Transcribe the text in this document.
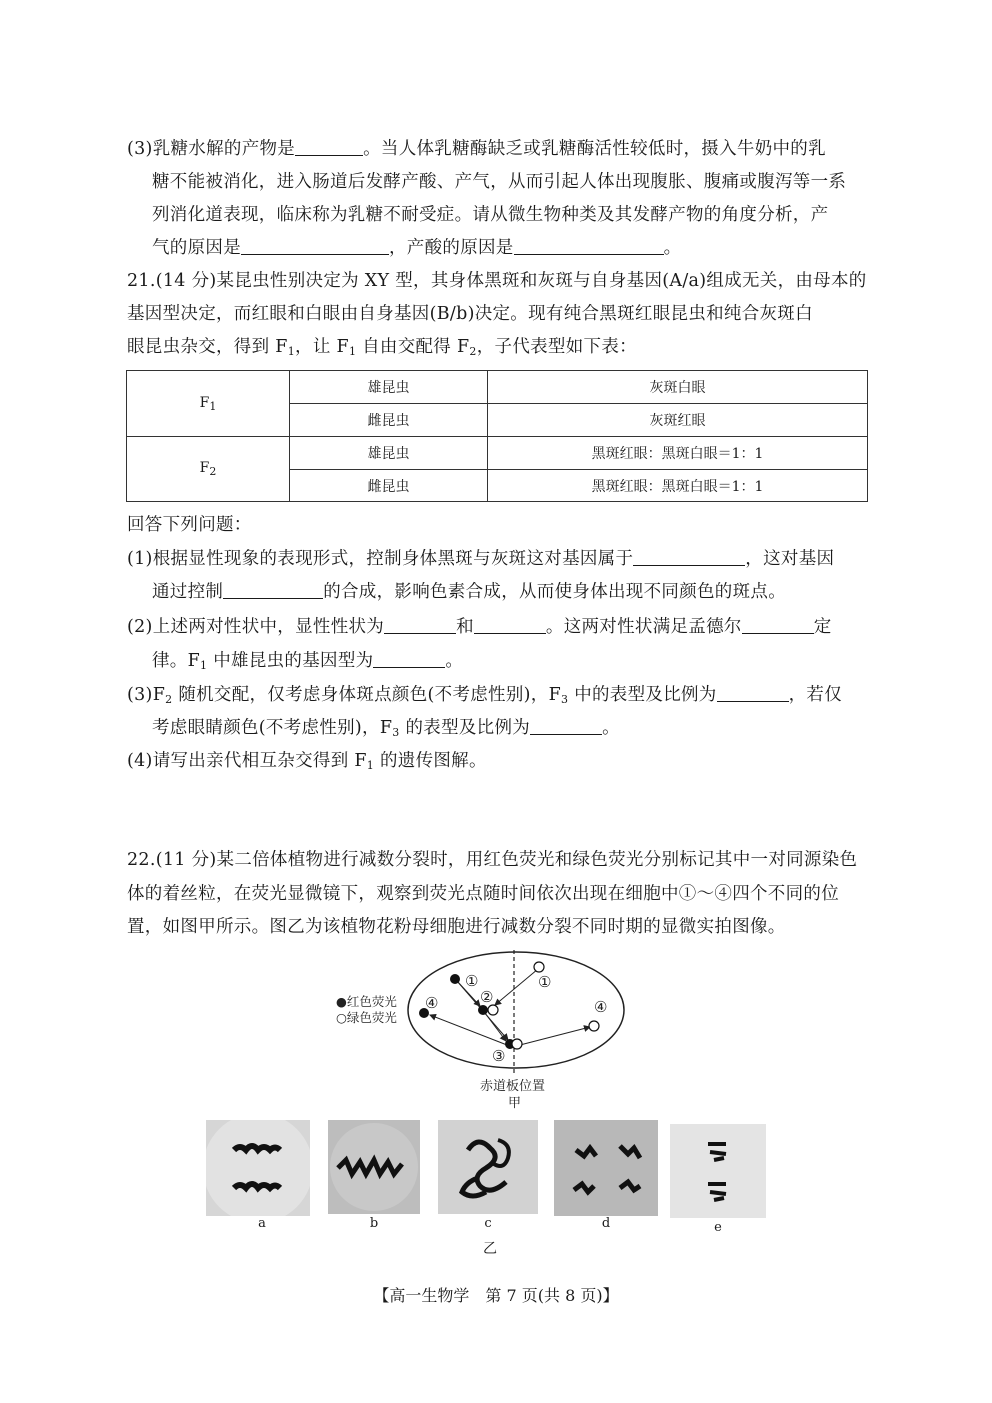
(3)乳糖水解的产物是	。当人体乳糖酶缺乏或乳糖酶活性较低时，摄入牛奶中的乳
糖不能被消化，进入肠道后发酵产酸、产气，从而引起人体出现腹胀、腹痛或腹泻等一系
列消化道表现，临床称为乳糖不耐受症。请从微生物种类及其发酵产物的角度分析，产
气的原因是	，产酸的原因是	。
21.(14 分)某昆虫性别决定为 XY 型，其身体黑斑和灰斑与自身基因(A/a)组成无关，由母本的
基因型决定，而红眼和白眼由自身基因(B/b)决定。现有纯合黑斑红眼昆虫和纯合灰斑白
眼昆虫杂交，得到 $F_1$，让 $F_1$ 自由交配得 $F_2$，子代表型如下表：
$F_1$	雄昆虫	灰斑白眼
	雌昆虫	灰斑红眼
$F_2$	雄昆虫	黑斑红眼：黑斑白眼＝1：1
	雌昆虫	黑斑红眼：黑斑白眼＝1：1
回答下列问题：
(1)根据显性现象的表现形式，控制身体黑斑与灰斑这对基因属于	，这对基因
通过控制	的合成，影响色素合成，从而使身体出现不同颜色的斑点。
(2)上述两对性状中，显性性状为	和	。这两对性状满足孟德尔	定
律。$F_1$ 中雄昆虫的基因型为	。
$(3)F_2$ 随机交配，仅考虑身体斑点颜色(不考虑性别)，$F_3$ 中的表型及比例为	，若仅
考虑眼睛颜色(不考虑性别)，$F_3$ 的表型及比例为	。
(4)请写出亲代相互杂交得到 $F_1$ 的遗传图解。
22.(11 分)某二倍体植物进行减数分裂时，用红色荧光和绿色荧光分别标记其中一对同源染色
体的着丝粒，在荧光显微镜下，观察到荧光点随时间依次出现在细胞中①～④四个不同的位
置，如图甲所示。图乙为该植物花粉母细胞进行减数分裂不同时期的显微实拍图像。
●红色荧光
○绿色荧光
①	①
②
③
④	④
赤道板位置
甲
a	b	c	d	e
乙
【高一生物学　第 7 页(共 8 页)】
